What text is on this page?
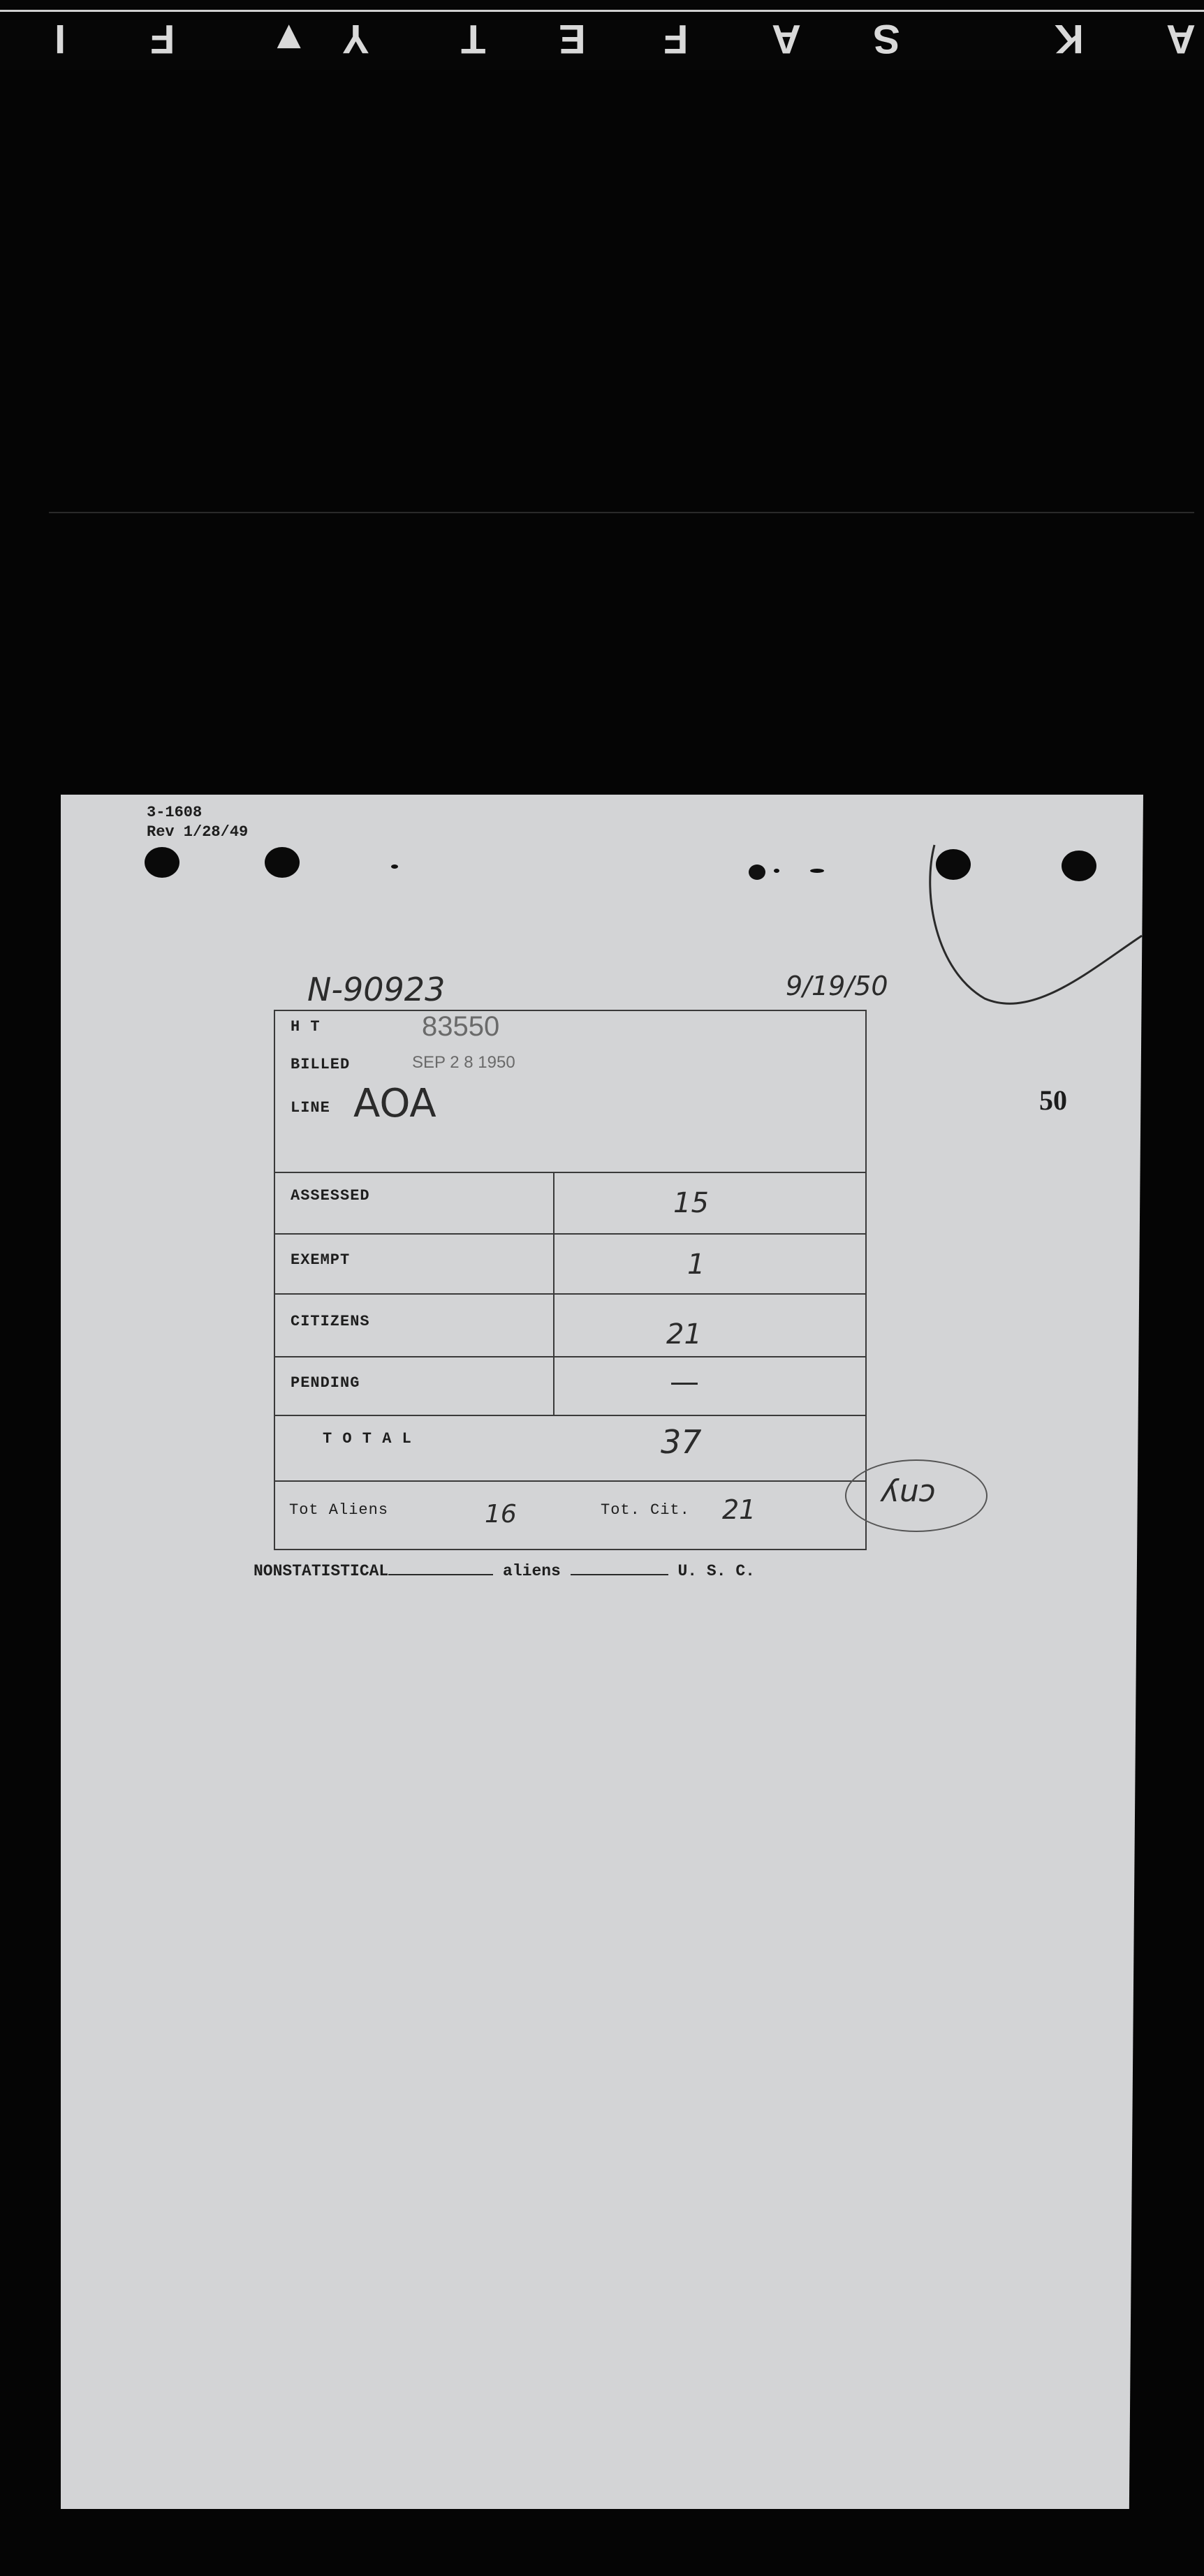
I F ▼ Y T E F A S	K A
3-1608
Rev 1/28/49
N-90923	9/19/50
50
H T	83550
BILLED	SEP 2 8 1950
LINE AOA
ASSESSED	15
EXEMPT	1
CITIZENS	21
PENDING	—
T O T A L	37
Tot Aliens	16	Tot. Cit. 21
ʎuɔ
NONSTATISTICAL	aliens	U. S. C.
